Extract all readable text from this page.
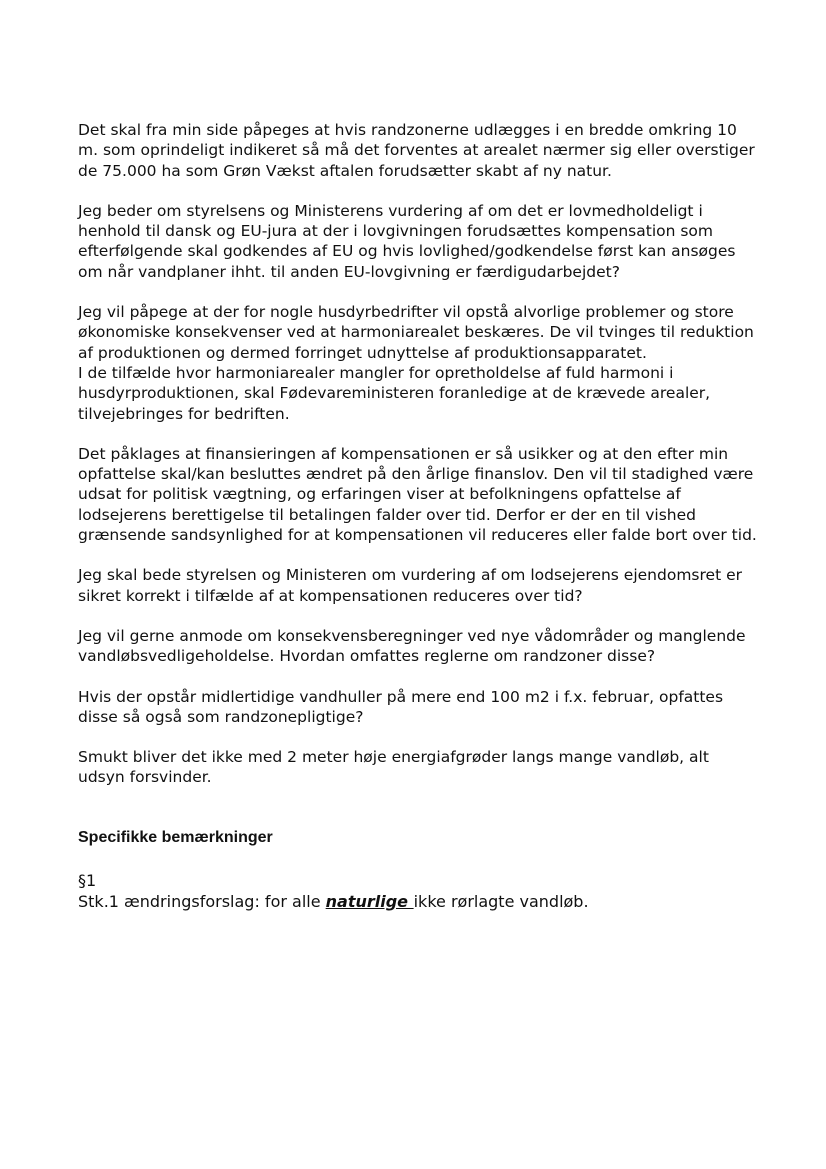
Det skal fra min side påpeges at hvis randzonerne udlægges i en bredde omkring 10 m. som oprindeligt indikeret så må det forventes at arealet nærmer sig eller overstiger de 75.000 ha som Grøn Vækst aftalen forudsætter skabt af ny natur.

Jeg beder om styrelsens og Ministerens vurdering af om det er lovmedholdeligt i henhold til dansk og EU-jura at der i lovgivningen forudsættes kompensation som efterfølgende skal godkendes af EU og hvis lovlighed/godkendelse først kan ansøges om når vandplaner ihht. til anden EU-lovgivning er færdigudarbejdet?

Jeg vil påpege at der for nogle husdyrbedrifter vil opstå alvorlige problemer og store økonomiske konsekvenser ved at harmoniarealet beskæres. De vil tvinges til reduktion af produktionen og dermed forringet udnyttelse af produktionsapparatet.
I de tilfælde hvor harmoniarealer mangler for opretholdelse af fuld harmoni i husdyrproduktionen, skal Fødevareministeren foranledige at de krævede arealer, tilvejebringes for bedriften.

Det påklages at finansieringen af kompensationen er så usikker og at den efter min opfattelse skal/kan besluttes ændret på den årlige finanslov. Den vil til stadighed være udsat for politisk vægtning, og erfaringen viser at befolkningens opfattelse af lodsejerens berettigelse til betalingen falder over tid. Derfor er der en til vished grænsende sandsynlighed for at kompensationen vil reduceres eller falde bort over tid.

Jeg skal bede styrelsen og Ministeren om vurdering af om lodsejerens ejendomsret er sikret korrekt i tilfælde af at kompensationen reduceres over tid?

Jeg vil gerne anmode om konsekvensberegninger ved nye vådområder og manglende vandløbsvedligeholdelse. Hvordan omfattes reglerne om randzoner disse?

Hvis der opstår midlertidige vandhuller på mere end 100 m2 i f.x. februar, opfattes disse så også som randzonepligtige?

Smukt bliver det ikke med 2 meter høje energiafgrøder langs mange vandløb, alt udsyn forsvinder.

Specifikke bemærkninger
§1
Stk.1 ændringsforslag: for alle naturlige ikke rørlagte vandløb.
